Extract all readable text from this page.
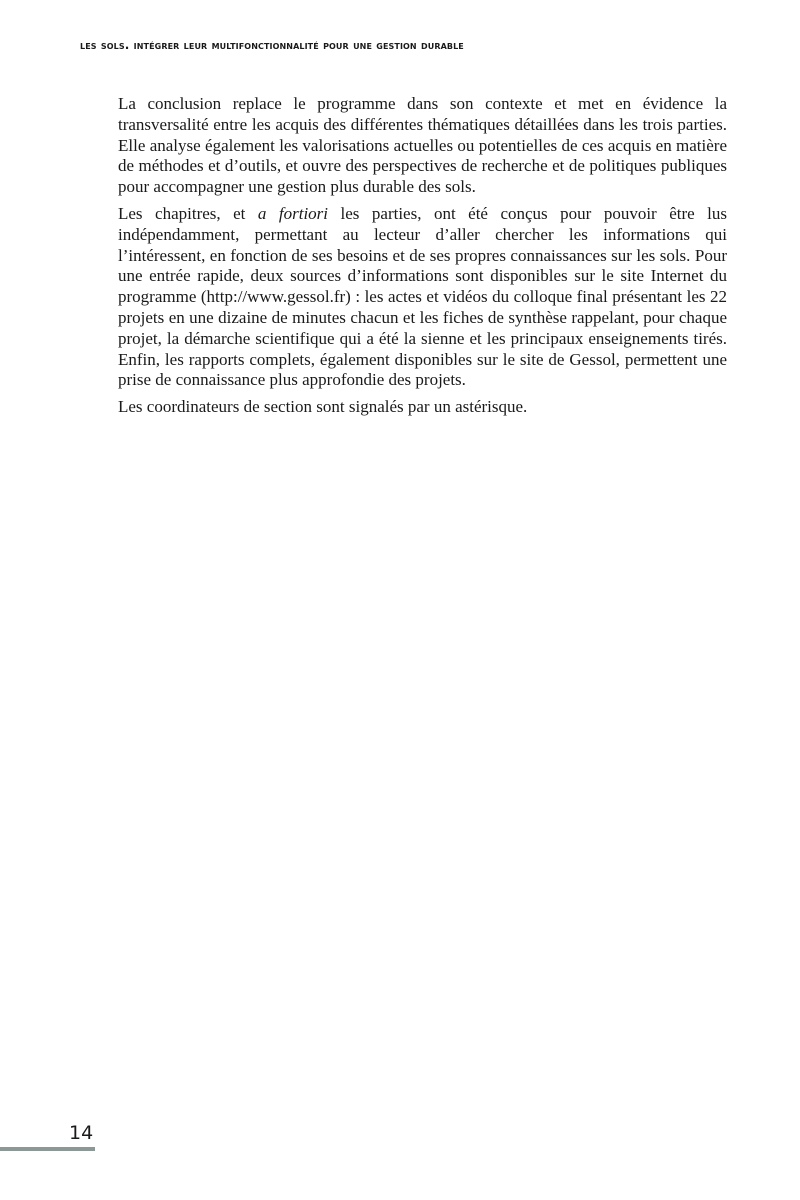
les sols. intégrer leur multifonctionnalité pour une gestion durable

La conclusion replace le programme dans son contexte et met en évidence la transversalité entre les acquis des différentes thématiques détaillées dans les trois parties. Elle analyse également les valorisations actuelles ou potentielles de ces acquis en matière de méthodes et d’outils, et ouvre des perspectives de recherche et de politiques publiques pour accompagner une gestion plus durable des sols.

Les chapitres, et a fortiori les parties, ont été conçus pour pouvoir être lus indépendamment, permettant au lecteur d’aller chercher les informations qui l’intéressent, en fonction de ses besoins et de ses propres connaissances sur les sols. Pour une entrée rapide, deux sources d’informations sont disponibles sur le site Internet du programme (http://www.gessol.fr) : les actes et vidéos du colloque final présentant les 22 projets en une dizaine de minutes chacun et les fiches de synthèse rappelant, pour chaque projet, la démarche scientifique qui a été la sienne et les principaux enseignements tirés. Enfin, les rapports complets, également disponibles sur le site de Gessol, permettent une prise de connaissance plus approfondie des projets.

Les coordinateurs de section sont signalés par un astérisque.

14
